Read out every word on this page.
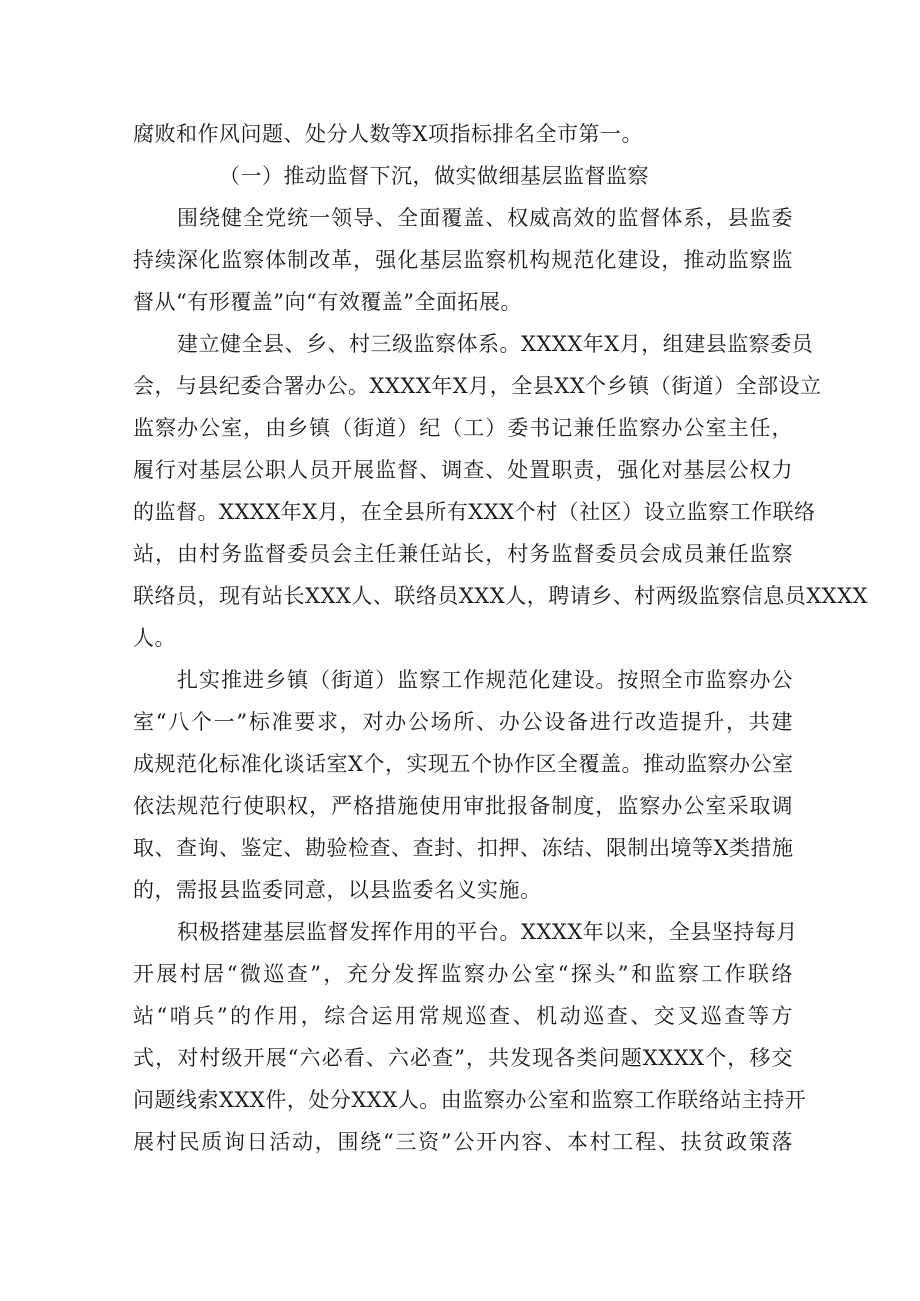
腐败和作风问题、处分人数等X项指标排名全市第一。
（一）推动监督下沉，做实做细基层监督监察
围绕健全党统一领导、全面覆盖、权威高效的监督体系，县监委
持续深化监察体制改革，强化基层监察机构规范化建设，推动监察监
督从“有形覆盖”向“有效覆盖”全面拓展。
建立健全县、乡、村三级监察体系。XXXX年X月，组建县监察委员
会，与县纪委合署办公。XXXX年X月，全县XX个乡镇（街道）全部设立
监察办公室，由乡镇（街道）纪（工）委书记兼任监察办公室主任，
履行对基层公职人员开展监督、调查、处置职责，强化对基层公权力
的监督。XXXX年X月，在全县所有XXX个村（社区）设立监察工作联络
站，由村务监督委员会主任兼任站长，村务监督委员会成员兼任监察
联络员，现有站长XXX人、联络员XXX人，聘请乡、村两级监察信息员XXXX
人。
扎实推进乡镇（街道）监察工作规范化建设。按照全市监察办公
室“八个一”标准要求，对办公场所、办公设备进行改造提升，共建
成规范化标准化谈话室X个，实现五个协作区全覆盖。推动监察办公室
依法规范行使职权，严格措施使用审批报备制度，监察办公室采取调
取、查询、鉴定、勘验检查、查封、扣押、冻结、限制出境等X类措施
的，需报县监委同意，以县监委名义实施。
积极搭建基层监督发挥作用的平台。XXXX年以来，全县坚持每月
开展村居“微巡查”，充分发挥监察办公室“探头”和监察工作联络
站“哨兵”的作用，综合运用常规巡查、机动巡查、交叉巡查等方
式，对村级开展“六必看、六必查”，共发现各类问题XXXX个，移交
问题线索XXX件，处分XXX人。由监察办公室和监察工作联络站主持开
展村民质询日活动，围绕“三资”公开内容、本村工程、扶贫政策落
